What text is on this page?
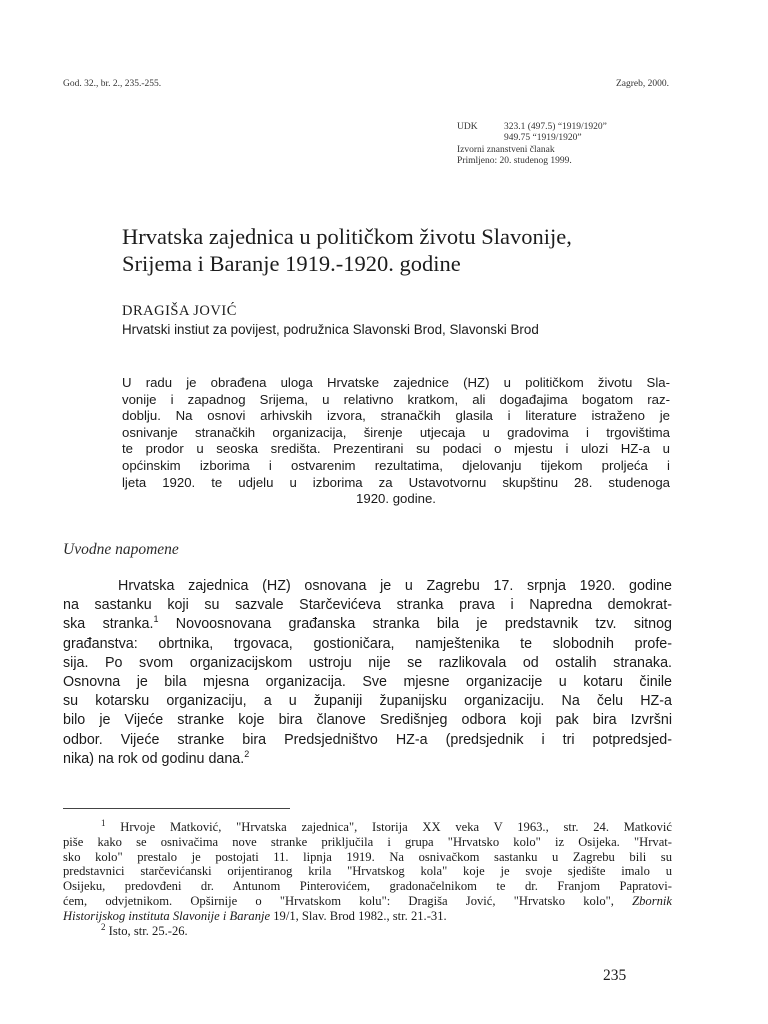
God. 32., br. 2., 235.-255.	Zagreb, 2000.
UDK	323.1 (497.5) “1919/1920”
949.75 “1919/1920”
Izvorni znanstveni članak
Primljeno: 20. studenog 1999.
Hrvatska zajednica u političkom životu Slavonije,
Srijema i Baranje 1919.-1920. godine
DRAGIŠA JOVIĆ
Hrvatski instiut za povijest, podružnica Slavonski Brod, Slavonski Brod
U radu je obrađena uloga Hrvatske zajednice (HZ) u političkom životu Sla-
vonije i zapadnog Srijema, u relativno kratkom, ali događajima bogatom raz-
doblju. Na osnovi arhivskih izvora, stranačkih glasila i literature istraženo je
osnivanje stranačkih organizacija, širenje utjecaja u gradovima i trgovištima
te prodor u seoska središta. Prezentirani su podaci o mjestu i ulozi HZ-a u
općinskim izborima i ostvarenim rezultatima, djelovanju tijekom proljeća i
ljeta 1920. te udjelu u izborima za Ustavotvornu skupštinu 28. studenoga
1920. godine.
Uvodne napomene
Hrvatska zajednica (HZ) osnovana je u Zagrebu 17. srpnja 1920. godine
na sastanku koji su sazvale Starčevićeva stranka prava i Napredna demokrat-
ska stranka.$^1$ Novoosnovana građanska stranka bila je predstavnik tzv. sitnog
građanstva: obrtnika, trgovaca, gostioničara, namještenika te slobodnih profe-
sija. Po svom organizacijskom ustroju nije se razlikovala od ostalih stranaka.
Osnovna je bila mjesna organizacija. Sve mjesne organizacije u kotaru činile
su kotarsku organizaciju, a u županiji županijsku organizaciju. Na čelu HZ-a
bilo je Vijeće stranke koje bira članove Središnjeg odbora koji pak bira Izvršni
odbor. Vijeće stranke bira Predsjedništvo HZ-a (predsjednik i tri potpredsjed-
nika) na rok od godinu dana.$^2$
$^1$ Hrvoje Matković, "Hrvatska zajednica", Istorija XX veka V 1963., str. 24. Matković
piše kako se osnivačima nove stranke priključila i grupa "Hrvatsko kolo" iz Osijeka. "Hrvat-
sko kolo" prestalo je postojati 11. lipnja 1919. Na osnivačkom sastanku u Zagrebu bili su
predstavnici starčevićanski orijentiranog krila "Hrvatskog kola" koje je svoje sjedište imalo u
Osijeku, predovđeni dr. Antunom Pinterovićem, gradonačelnikom te dr. Franjom Papratovi-
ćem, odvjetnikom. Opširnije o "Hrvatskom kolu": Dragiša Jović, "Hrvatsko kolo", Zbornik
Historijskog instituta Slavonije i Baranje 19/1, Slav. Brod 1982., str. 21.-31.
$^2$ Isto, str. 25.-26.
235
